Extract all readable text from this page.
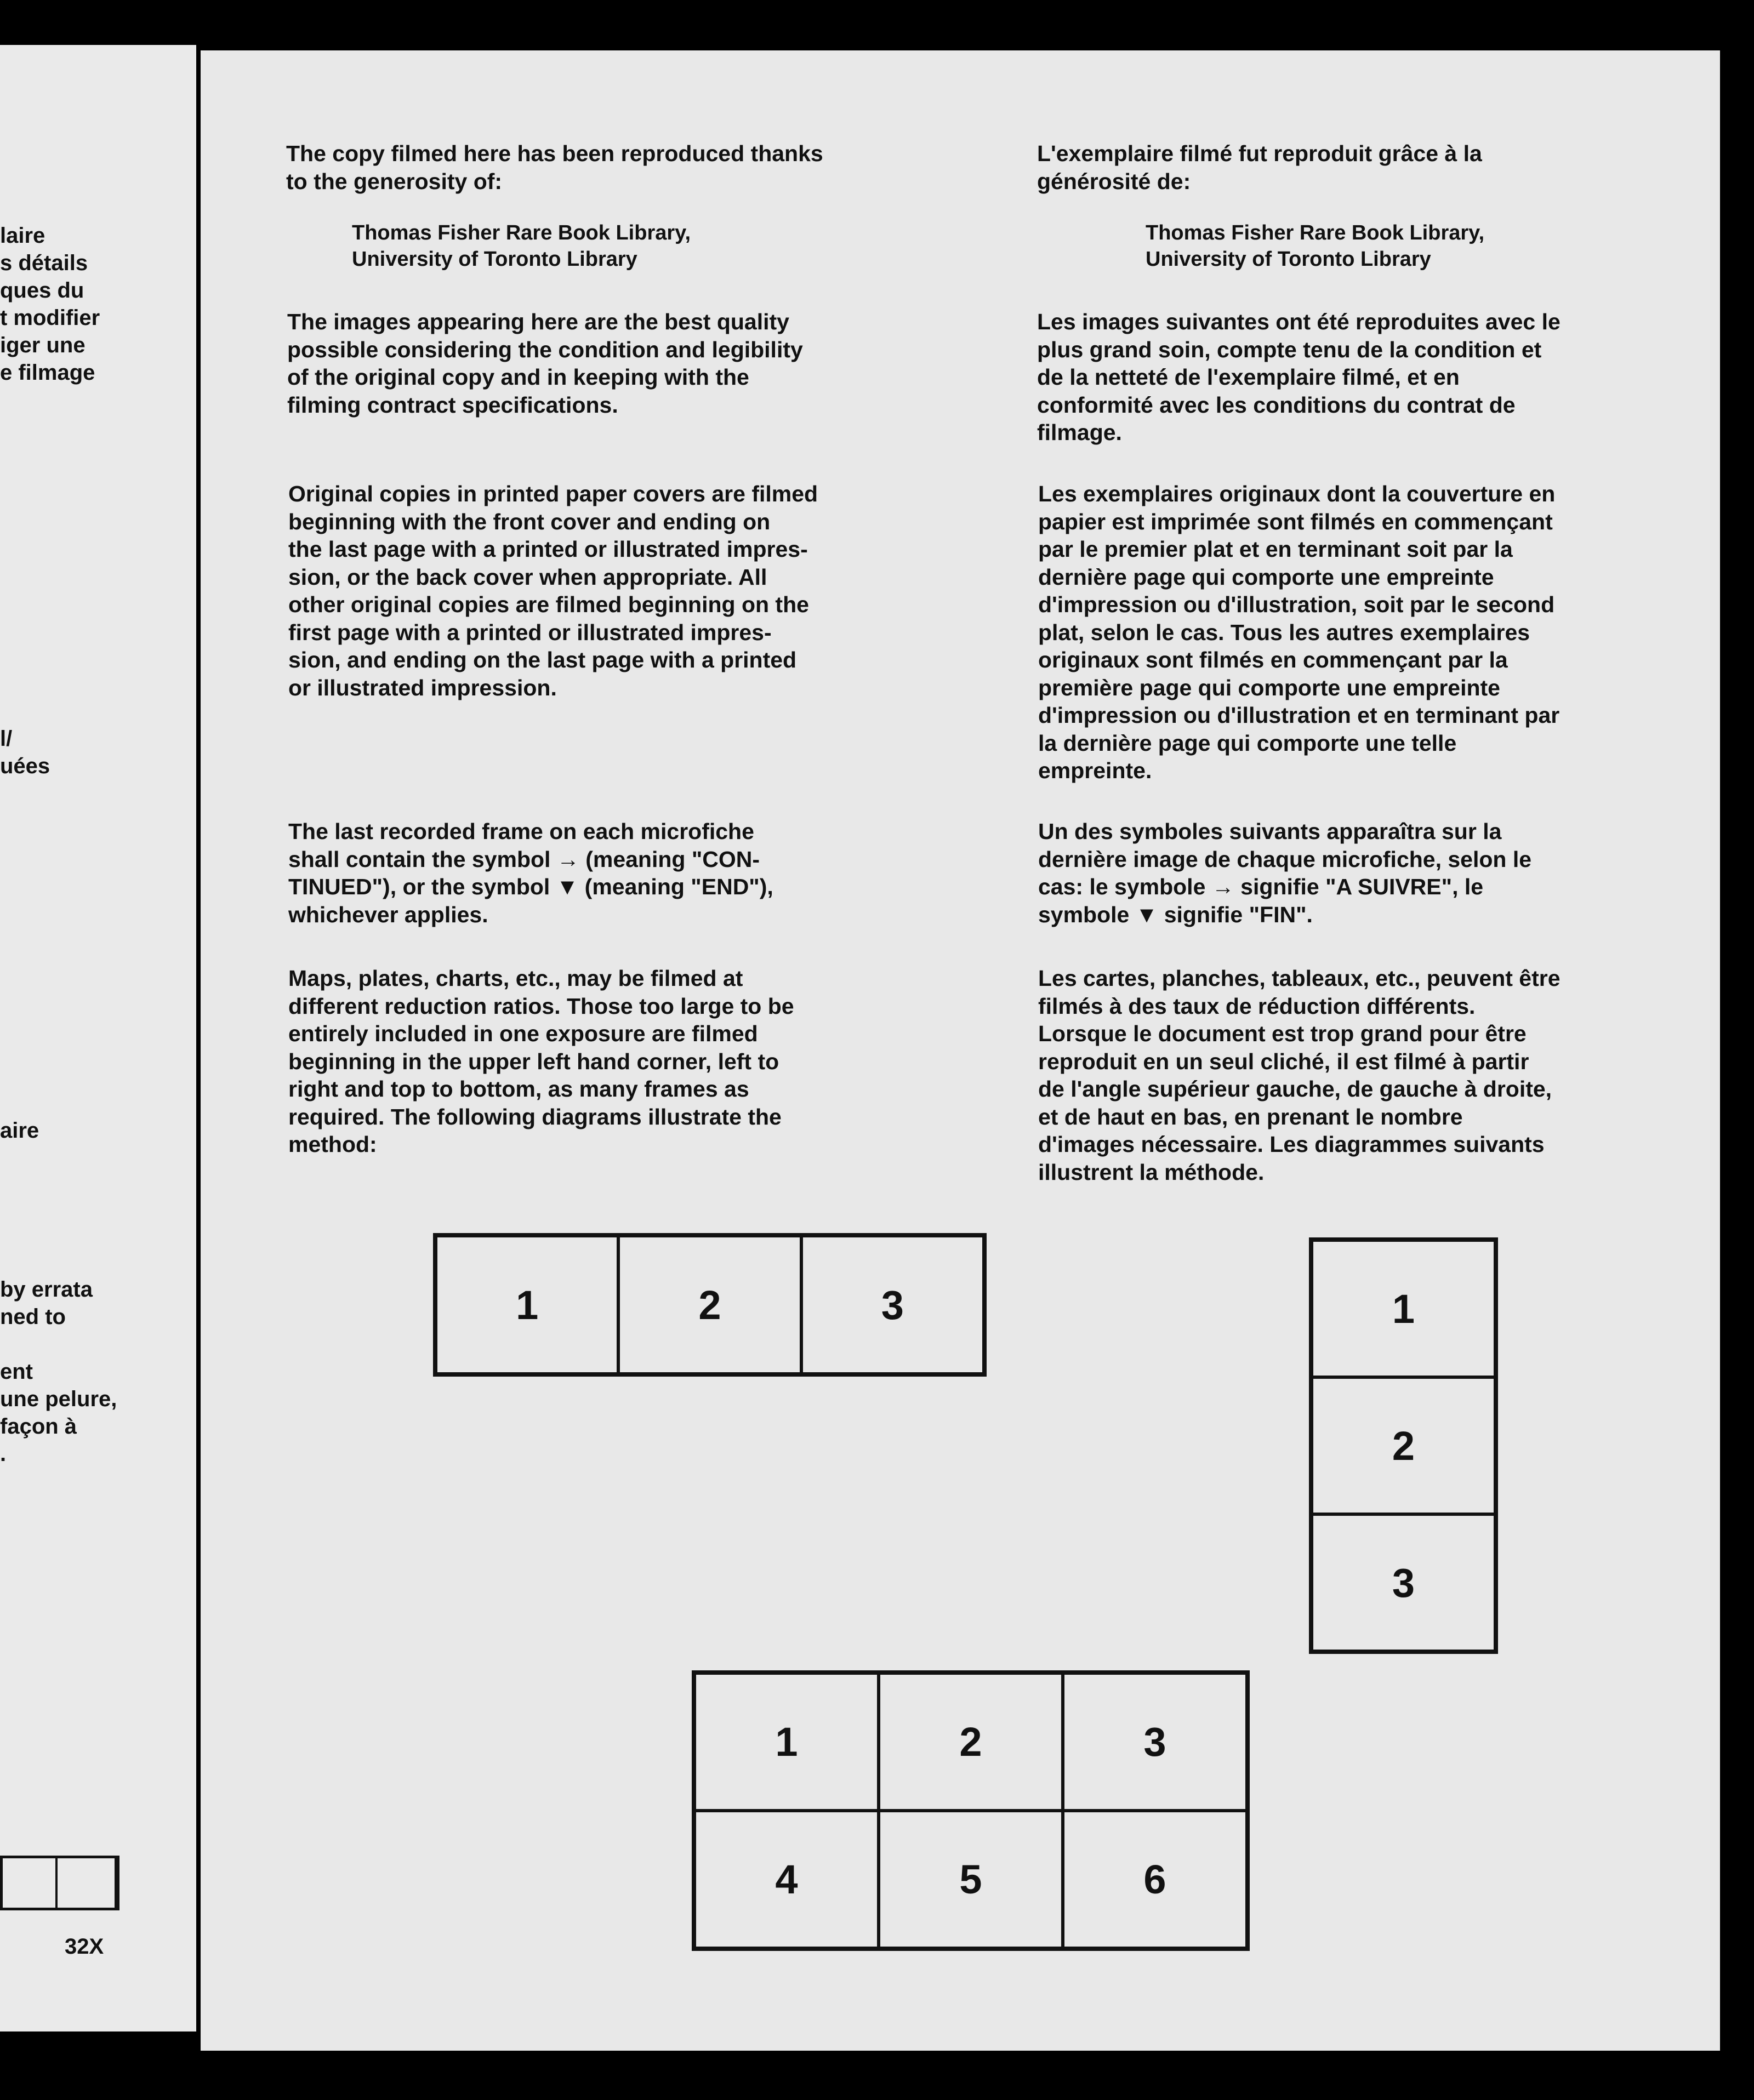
laire

s détails

ques du

t modifier

iger une

e filmage

l/

uées

aire

by errata

ned to

ent

une pelure,

façon à

.

32X

The copy filmed here has been reproduced thanks

to the generosity of:

Thomas Fisher Rare Book Library,

University of Toronto Library

The images appearing here are the best quality

possible considering the condition and legibility

of the original copy and in keeping with the

filming contract specifications.

Original copies in printed paper covers are filmed

beginning with the front cover and ending on

the last page with a printed or illustrated impres-

sion, or the back cover when appropriate. All

other original copies are filmed beginning on the

first page with a printed or illustrated impres-

sion, and ending on the last page with a printed

or illustrated impression.

The last recorded frame on each microfiche

shall contain the symbol → (meaning "CON-

TINUED"), or the symbol ▼ (meaning "END"),

whichever applies.

Maps, plates, charts, etc., may be filmed at

different reduction ratios. Those too large to be

entirely included in one exposure are filmed

beginning in the upper left hand corner, left to

right and top to bottom, as many frames as

required. The following diagrams illustrate the

method:

L'exemplaire filmé fut reproduit grâce à la

générosité de:

Thomas Fisher Rare Book Library,

University of Toronto Library

Les images suivantes ont été reproduites avec le

plus grand soin, compte tenu de la condition et

de la netteté de l'exemplaire filmé, et en

conformité avec les conditions du contrat de

filmage.

Les exemplaires originaux dont la couverture en

papier est imprimée sont filmés en commençant

par le premier plat et en terminant soit par la

dernière page qui comporte une empreinte

d'impression ou d'illustration, soit par le second

plat, selon le cas. Tous les autres exemplaires

originaux sont filmés en commençant par la

première page qui comporte une empreinte

d'impression ou d'illustration et en terminant par

la dernière page qui comporte une telle

empreinte.

Un des symboles suivants apparaîtra sur la

dernière image de chaque microfiche, selon le

cas: le symbole → signifie "A SUIVRE", le

symbole ▼ signifie "FIN".

Les cartes, planches, tableaux, etc., peuvent être

filmés à des taux de réduction différents.

Lorsque le document est trop grand pour être

reproduit en un seul cliché, il est filmé à partir

de l'angle supérieur gauche, de gauche à droite,

et de haut en bas, en prenant le nombre

d'images nécessaire. Les diagrammes suivants

illustrent la méthode.

1	2	3	1
2
3
1	2	3
4	5	6
